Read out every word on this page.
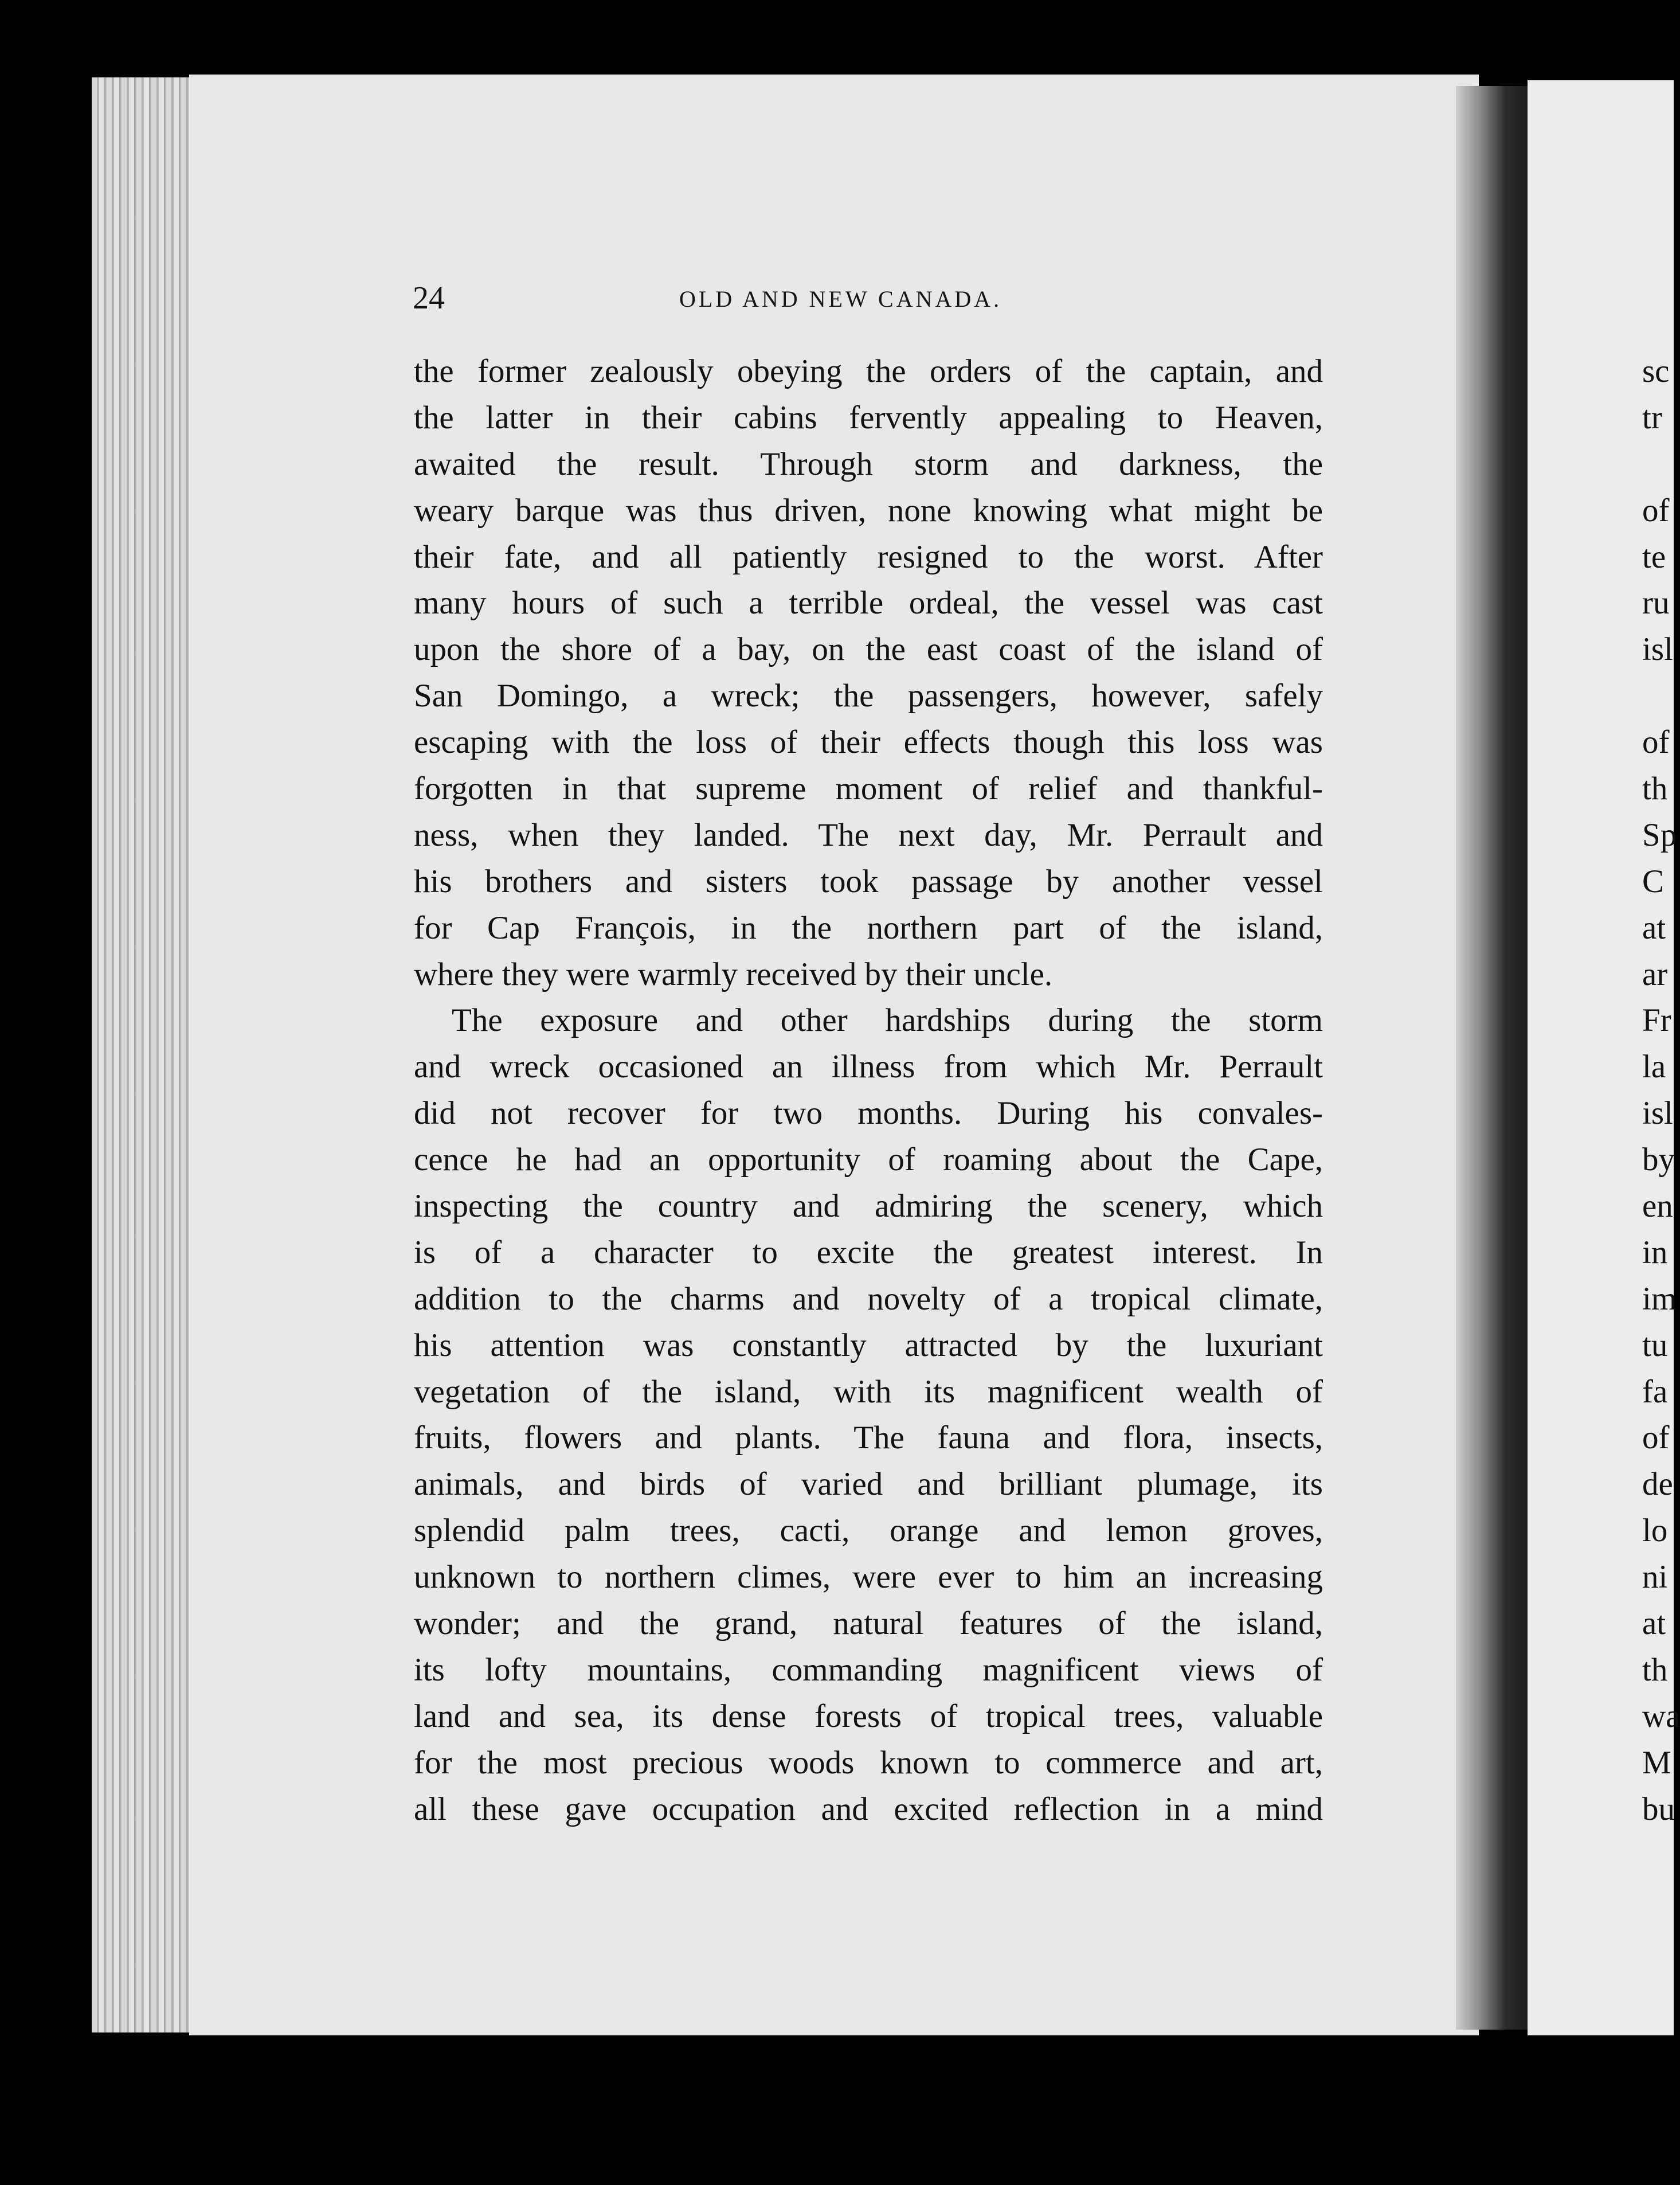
24	OLD AND NEW CANADA.
the former zealously obeying the orders of the captain, and
the latter in their cabins fervently appealing to Heaven,
awaited the result. Through storm and darkness, the
weary barque was thus driven, none knowing what might be
their fate, and all patiently resigned to the worst. After
many hours of such a terrible ordeal, the vessel was cast
upon the shore of a bay, on the east coast of the island of
San Domingo, a wreck; the passengers, however, safely
escaping with the loss of their effects though this loss was
forgotten in that supreme moment of relief and thankful-
ness, when they landed. The next day, Mr. Perrault and
his brothers and sisters took passage by another vessel
for Cap François, in the northern part of the island,
where they were warmly received by their uncle.
The exposure and other hardships during the storm
and wreck occasioned an illness from which Mr. Perrault
did not recover for two months. During his convales-
cence he had an opportunity of roaming about the Cape,
inspecting the country and admiring the scenery, which
is of a character to excite the greatest interest. In
addition to the charms and novelty of a tropical climate,
his attention was constantly attracted by the luxuriant
vegetation of the island, with its magnificent wealth of
fruits, flowers and plants. The fauna and flora, insects,
animals, and birds of varied and brilliant plumage, its
splendid palm trees, cacti, orange and lemon groves,
unknown to northern climes, were ever to him an increasing
wonder; and the grand, natural features of the island,
its lofty mountains, commanding magnificent views of
land and sea, its dense forests of tropical trees, valuable
for the most precious woods known to commerce and art,
all these gave occupation and excited reflection in a mind
sc
tr
of
te
ru
isl
of
th
Sp
C
at
ar
Fr
la
isl
by
en
in
im
tu
fa
of
de
lo
ni
at
th
wa
M
bu
